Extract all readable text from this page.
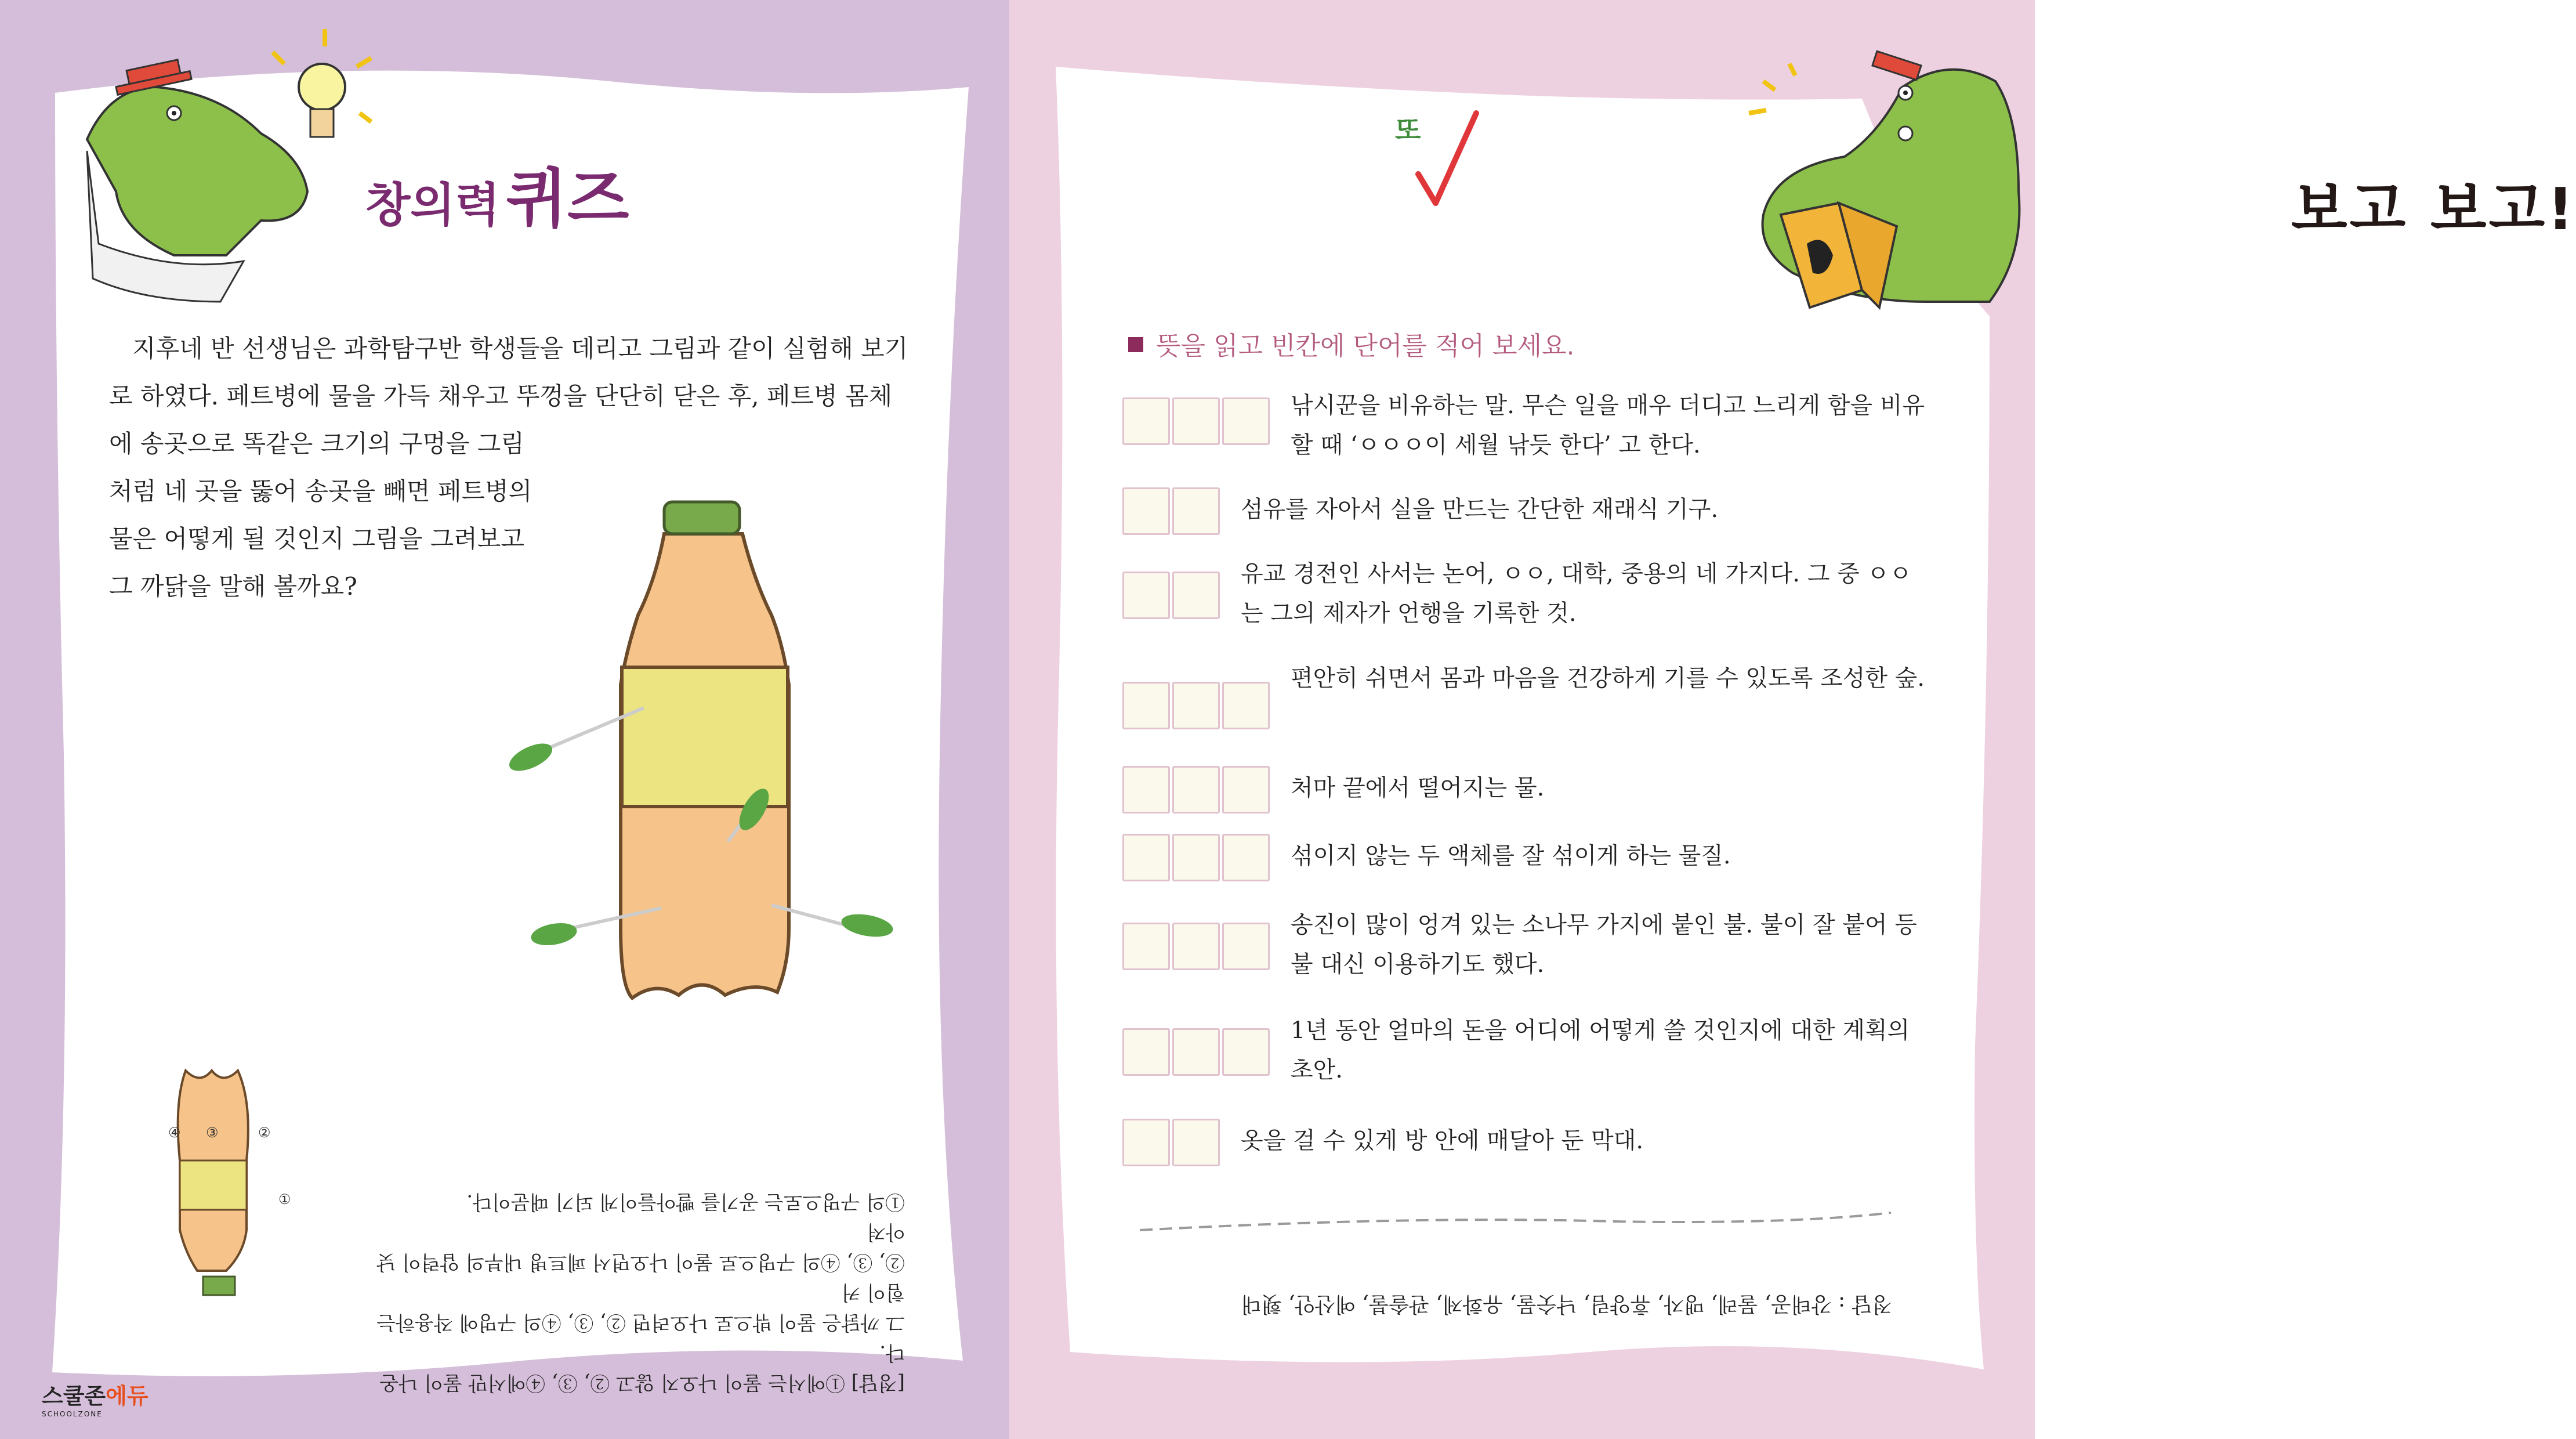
④ ③	②
①
창의력퀴즈

지후네 반 선생님은 과학탐구반 학생들을 데리고 그림과 같이 실험해 보기

로 하였다. 페트병에 물을 가득 채우고 뚜껑을 단단히 닫은 후, 페트병 몸체

에 송곳으로 똑같은 크기의 구멍을 그림

처럼 네 곳을 뚫어 송곳을 빼면 페트병의

물은 어떻게 될 것인지 그림을 그려보고

그 까닭을 말해 볼까요?

[정답] ①에서는 물이 나오지 않고 ②, ③, ④에서만 물이 나온다.

그 까닭은 물이 밖으로 나오려면 ②, ③, ④의 구멍에 작용하는 힘이 커

②, ③, ④의 구멍으로 물이 나오면서 페트병 내부의 압력이 낮아져

①의 구멍으로는 공기를 빨아들이게 되기 때문이다.

스쿨존에듀
SCHOOLZONE
또
보고 보고!
뜻을 읽고 빈칸에 단어를 적어 보세요.
낚시꾼을 비유하는 말. 무슨 일을 매우 더디고 느리게 함을 비유할 때 ‘ㅇㅇㅇ이 세월 낚듯 한다’ 고 한다.
섬유를 자아서 실을 만드는 간단한 재래식 기구.
유교 경전인 사서는 논어, ㅇㅇ, 대학, 중용의 네 가지다. 그 중 ㅇㅇ는 그의 제자가 언행을 기록한 것.
편안히 쉬면서 몸과 마음을 건강하게 기를 수 있도록 조성한 숲.
처마 끝에서 떨어지는 물.
섞이지 않는 두 액체를 잘 섞이게 하는 물질.
송진이 많이 엉겨 있는 소나무 가지에 붙인 불. 불이 잘 붙어 등불 대신 이용하기도 했다.
1년 동안 얼마의 돈을 어디에 어떻게 쓸 것인지에 대한 계획의 초안.
옷을 걸 수 있게 방 안에 매달아 둔 막대.
정답 : 강태공, 물레, 맹자, 휴양림, 낙숫물, 유화제, 관솔불, 예산안, 횃대
